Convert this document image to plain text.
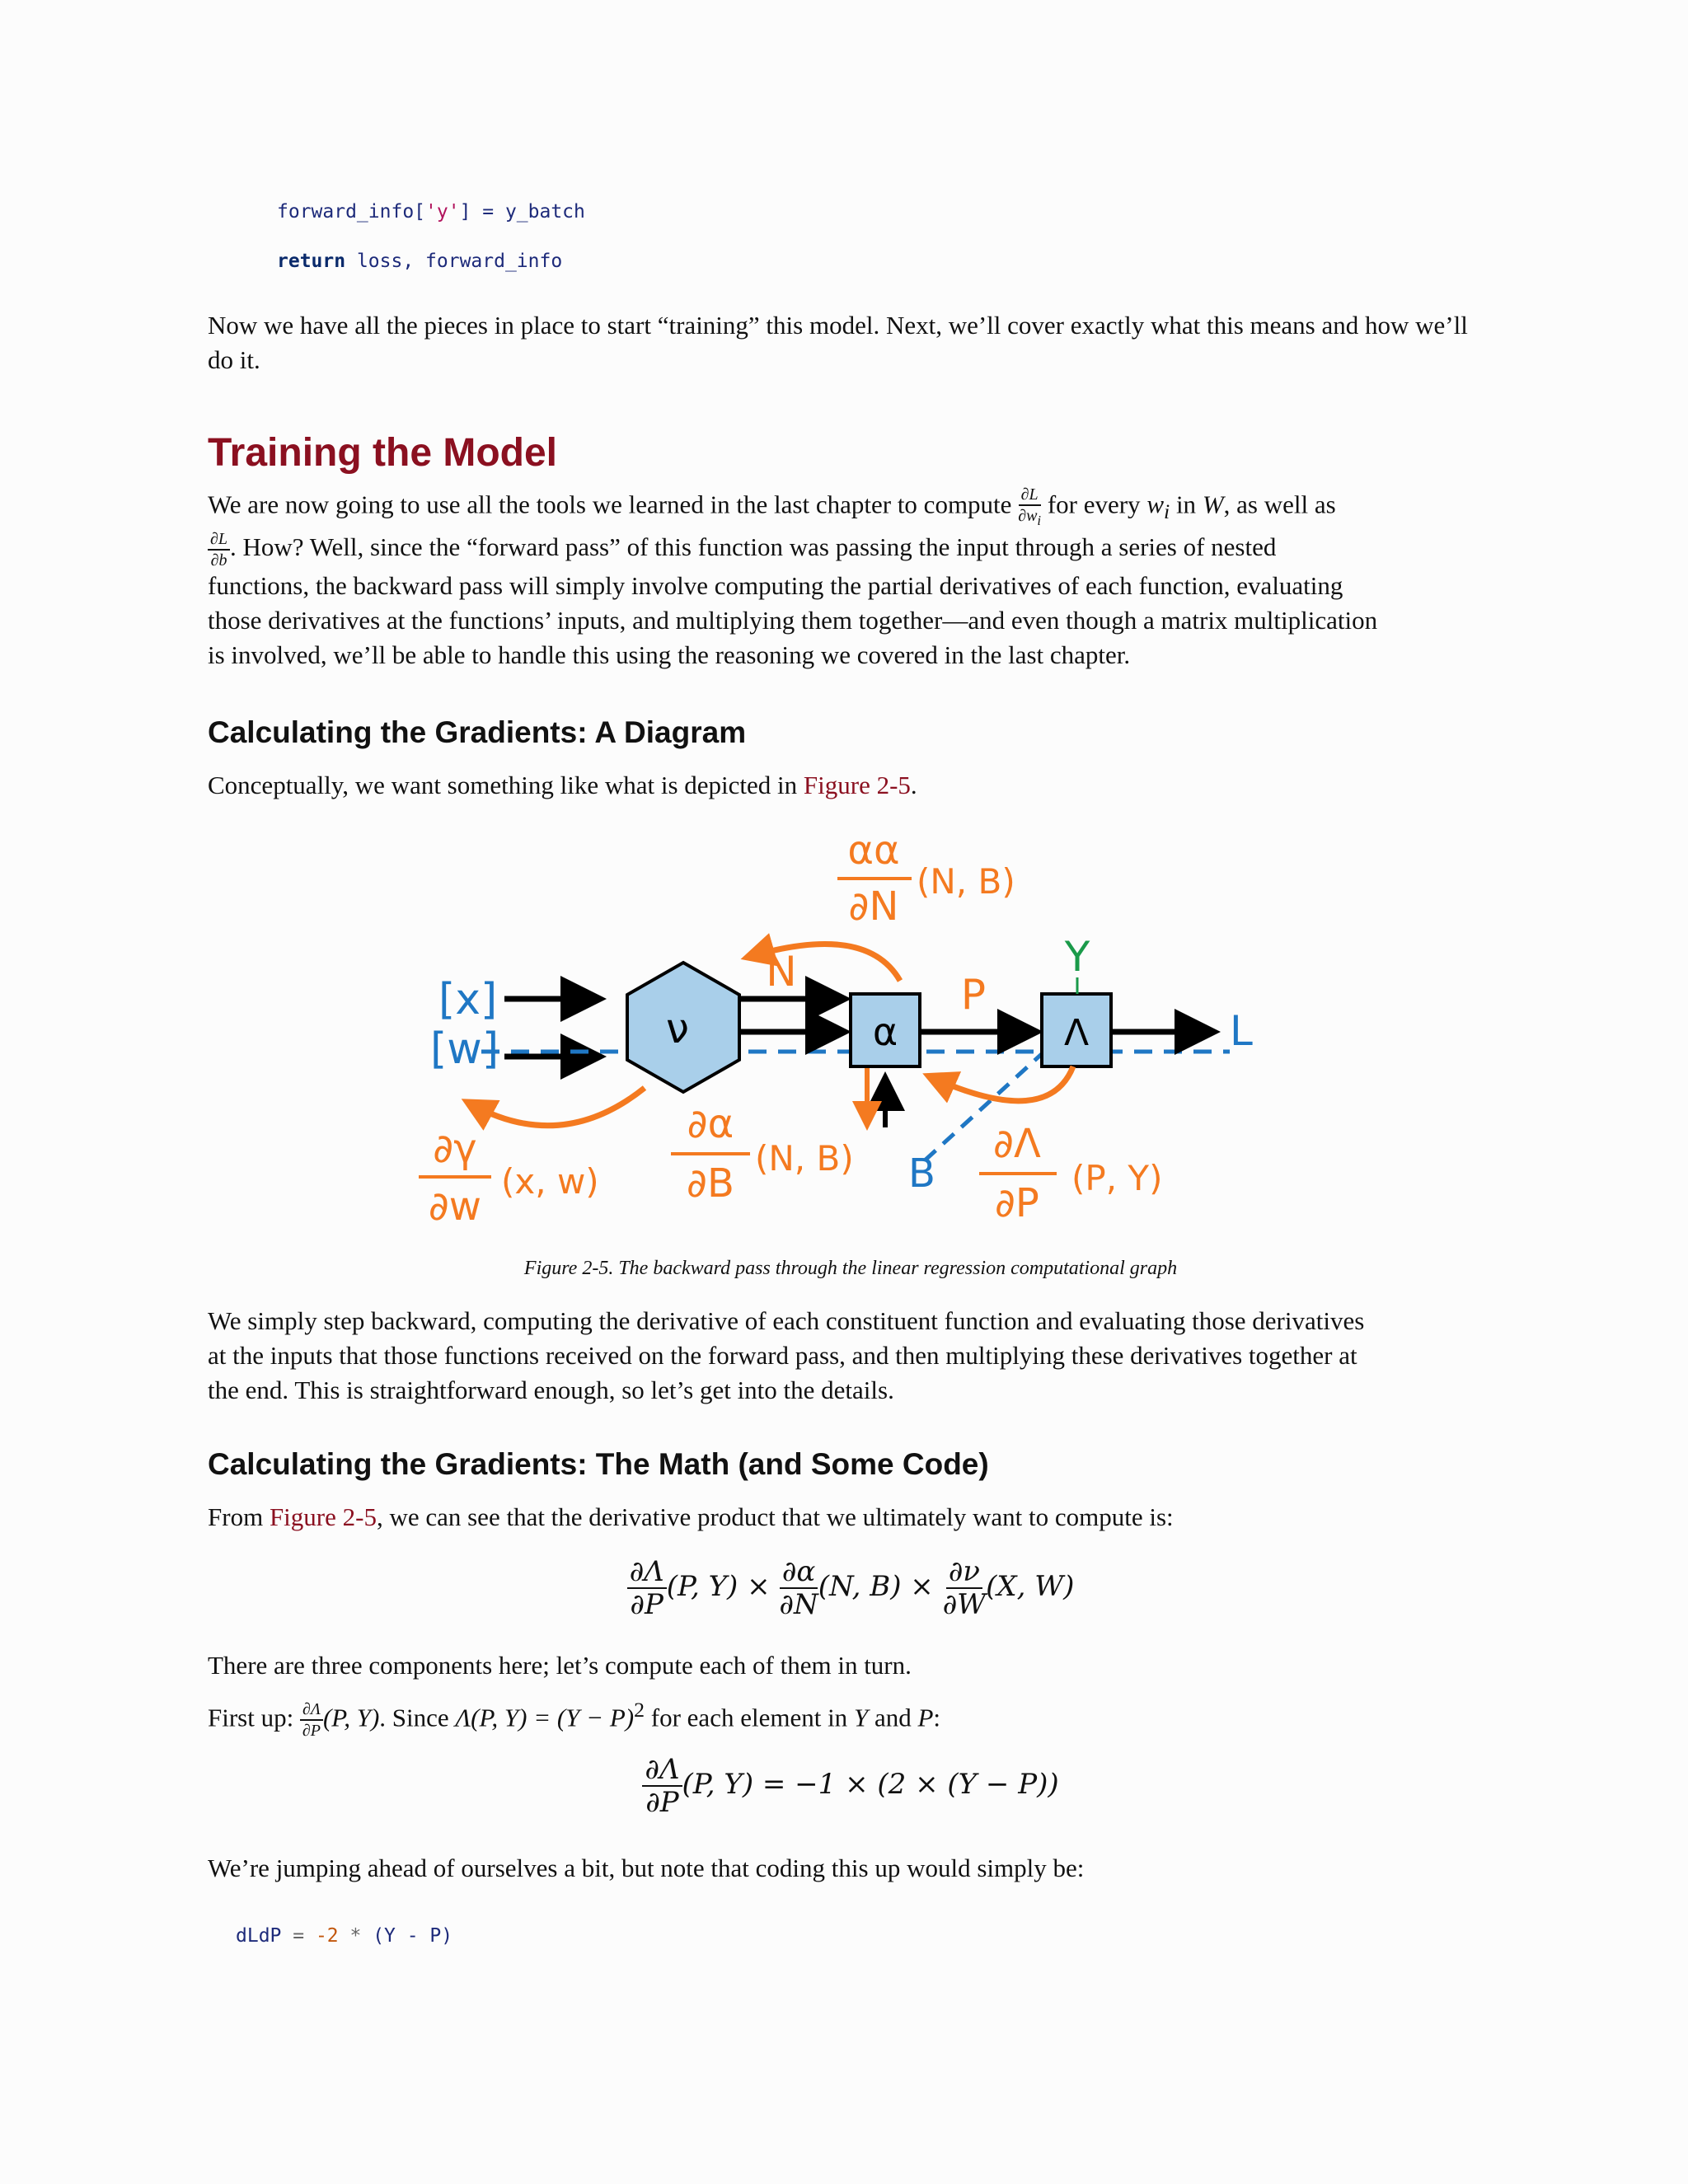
forward_info['y'] = y_batch
return loss, forward_info

Now we have all the pieces in place to start “training” this model. Next, we’ll cover exactly what this means and how we’ll do it.

Training the Model

We are now going to use all the tools we learned in the last chapter to compute $\frac{\partial L}{\partial w_i}$ for every $w_i$ in W, as well as

$\frac{\partial L}{\partial b}$ . How? Well, since the “forward pass” of this function was passing the input through a series of nested

functions, the backward pass will simply involve computing the partial derivatives of each function, evaluating

those derivatives at the functions’ inputs, and multiplying them together—and even though a matrix multiplication

is involved, we’ll be able to handle this using the reasoning we covered in the last chapter.

Calculating the Gradients: A Diagram

Conceptually, we want something like what is depicted in Figure 2-5.

[x]
[w]	ν
N
α
P
Λ
Y
L
B
αα
∂N
(N, B)
∂γ
∂w
(x, w)
∂α
∂B
(N, B)	∂Λ
∂P
(P, Y)
Figure 2-5. The backward pass through the linear regression computational graph

We simply step backward, computing the derivative of each constituent function and evaluating those derivatives

at the inputs that those functions received on the forward pass, and then multiplying these derivatives together at

the end. This is straightforward enough, so let’s get into the details.

Calculating the Gradients: The Math (and Some Code)

From Figure 2-5, we can see that the derivative product that we ultimately want to compute is:

$\frac{\partial\Lambda}{\partial P} (P$, $Y) \times \frac{\partial\alpha}{\partial N} (N$, $B) \times \frac{\partial\nu}{\partial W} (X$, W)

There are three components here; let’s compute each of them in turn.

First up: $\frac{\partial\Lambda}{\partial P} (P$, Y). Since Λ(P, $Y) = (Y - P)^2$ for each element in Y and P:

$\frac{\partial\Lambda}{\partial P} (P$, Y) = −1 × (2 × (Y − P))

We’re jumping ahead of ourselves a bit, but note that coding this up would simply be:

dLdP = -2 * (Y - P)
